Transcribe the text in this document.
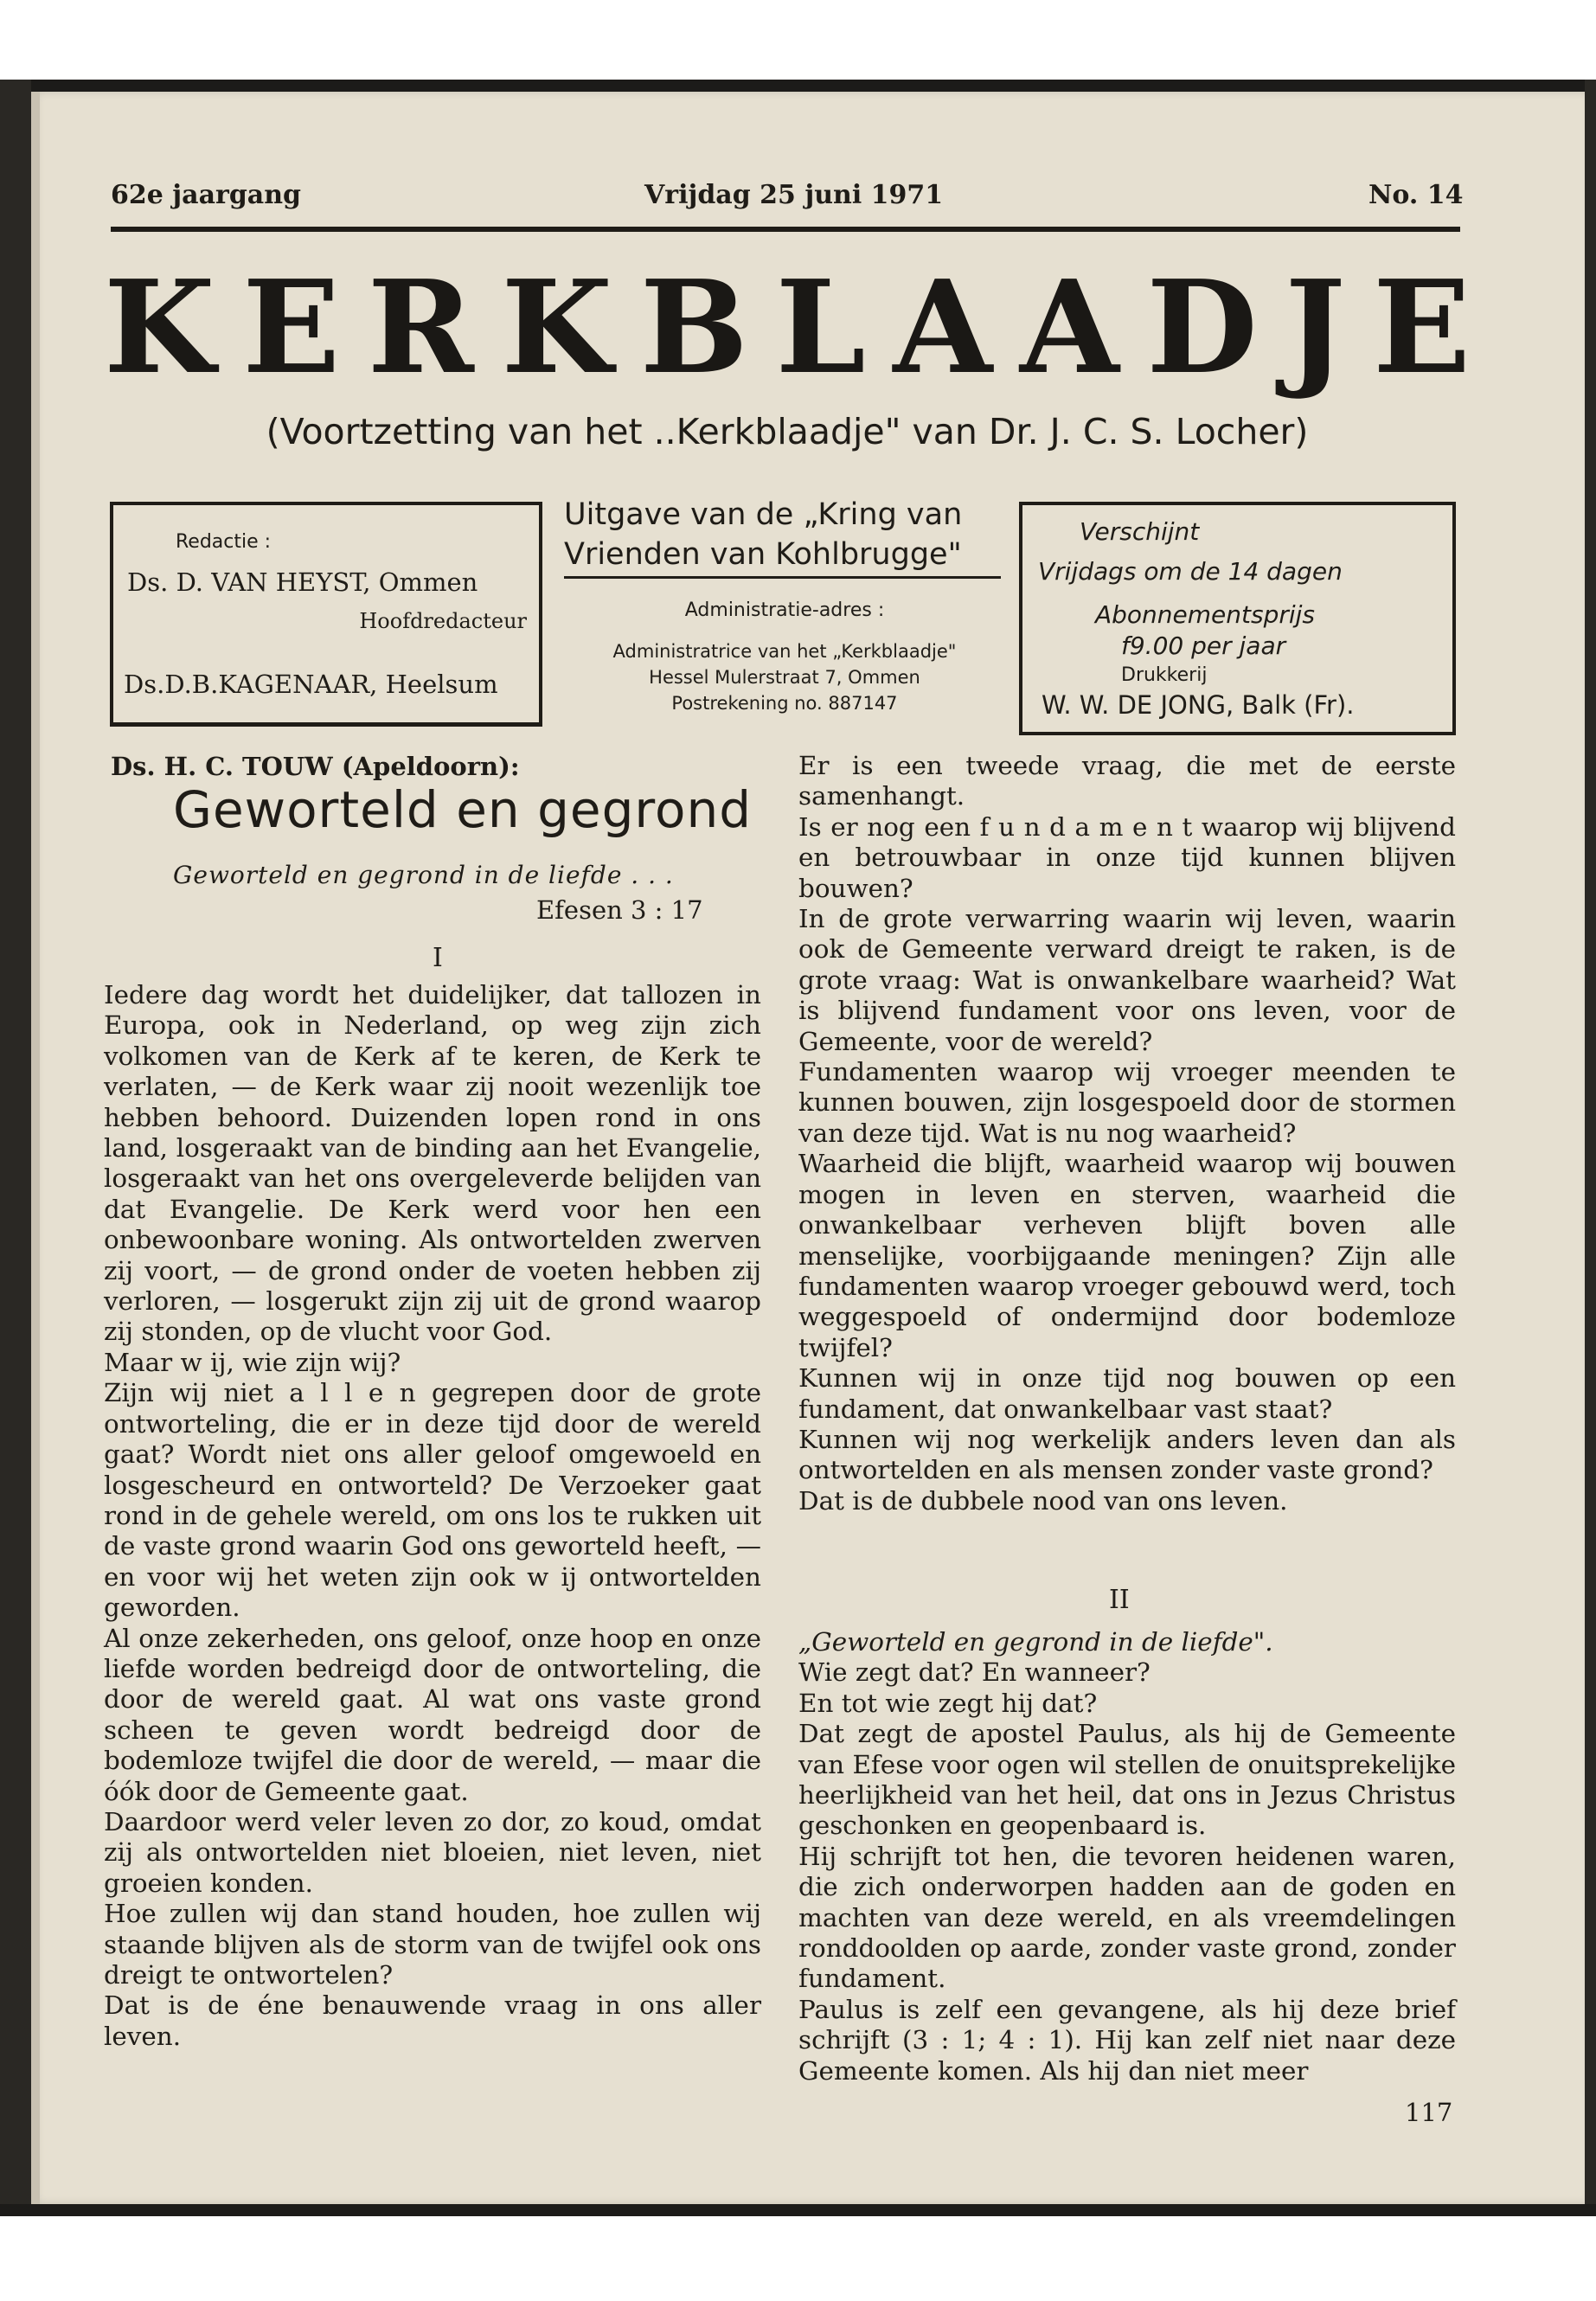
62e jaargang	Vrijdag 25 juni 1971	No. 14
K E R K B L A A D J E
(Voortzetting van het ..Kerkblaadje" van Dr. J. C. S. Locher)
Redactie :
Ds. D. VAN HEYST, Ommen
Hoofdredacteur
Ds.D.B.KAGENAAR, Heelsum
Uitgave van de „Kring van
Vrienden van Kohlbrugge"
Administratie-adres :
Administratrice van het „Kerkblaadje"
Hessel Mulerstraat 7, Ommen
Postrekening no. 887147
Verschijnt
Vrijdags om de 14 dagen
Abonnementsprijs
f9.00 per jaar
Drukkerij
W. W. DE JONG, Balk (Fr).
Ds. H. C. TOUW (Apeldoorn):
Geworteld en gegrond
Geworteld en gegrond in de liefde . . .
Efesen 3 : 17
I

Iedere dag wordt het duidelijker, dat tallozen in Europa, ook in Nederland, op weg zijn zich volkomen van de Kerk af te keren, de Kerk te verlaten, — de Kerk waar zij nooit wezenlijk toe hebben behoord. Duizenden lopen rond in ons land, losgeraakt van de binding aan het Evangelie, losgeraakt van het ons overgeleverde belijden van dat Evangelie. De Kerk werd voor hen een onbewoonbare woning. Als ontwortelden zwerven zij voort, — de grond onder de voeten hebben zij verloren, — losgerukt zijn zij uit de grond waarop zij stonden, op de vlucht voor God.

Maar w ij, wie zijn wij?

Zijn wij niet a l l e n gegrepen door de grote ontworteling, die er in deze tijd door de wereld gaat? Wordt niet ons aller geloof omgewoeld en losgescheurd en ontworteld? De Verzoeker gaat rond in de gehele wereld, om ons los te rukken uit de vaste grond waarin God ons geworteld heeft, — en voor wij het weten zijn ook w ij ontwortelden geworden.

Al onze zekerheden, ons geloof, onze hoop en onze liefde worden bedreigd door de ontworteling, die door de wereld gaat. Al wat ons vaste grond scheen te geven wordt bedreigd door de bodemloze twijfel die door de wereld, — maar die óók door de Gemeente gaat.

Daardoor werd veler leven zo dor, zo koud, omdat zij als ontwortelden niet bloeien, niet leven, niet groeien konden.

Hoe zullen wij dan stand houden, hoe zullen wij staande blijven als de storm van de twijfel ook ons dreigt te ontwortelen?

Dat is de éne benauwende vraag in ons aller leven.

Er is een tweede vraag, die met de eerste samenhangt.

Is er nog een f u n d a m e n t waarop wij blijvend en betrouwbaar in onze tijd kunnen blijven bouwen?

In de grote verwarring waarin wij leven, waarin ook de Gemeente verward dreigt te raken, is de grote vraag: Wat is onwankelbare waarheid? Wat is blijvend fundament voor ons leven, voor de Gemeente, voor de wereld?

Fundamenten waarop wij vroeger meenden te kunnen bouwen, zijn losgespoeld door de stormen van deze tijd. Wat is nu nog waarheid?

Waarheid die blijft, waarheid waarop wij bouwen mogen in leven en sterven, waarheid die onwankelbaar verheven blijft boven alle menselijke, voorbijgaande meningen? Zijn alle fundamenten waarop vroeger gebouwd werd, toch weggespoeld of ondermijnd door bodemloze twijfel?

Kunnen wij in onze tijd nog bouwen op een fundament, dat onwankelbaar vast staat?

Kunnen wij nog werkelijk anders leven dan als ontwortelden en als mensen zonder vaste grond?

Dat is de dubbele nood van ons leven.

II

„Geworteld en gegrond in de liefde".

Wie zegt dat? En wanneer?

En tot wie zegt hij dat?

Dat zegt de apostel Paulus, als hij de Gemeente van Efese voor ogen wil stellen de onuitsprekelijke heerlijkheid van het heil, dat ons in Jezus Christus geschonken en geopenbaard is.

Hij schrijft tot hen, die tevoren heidenen waren, die zich onderworpen hadden aan de goden en machten van deze wereld, en als vreemdelingen ronddoolden op aarde, zonder vaste grond, zonder fundament.

Paulus is zelf een gevangene, als hij deze brief schrijft (3 : 1; 4 : 1). Hij kan zelf niet naar deze Gemeente komen. Als hij dan niet meer

117
